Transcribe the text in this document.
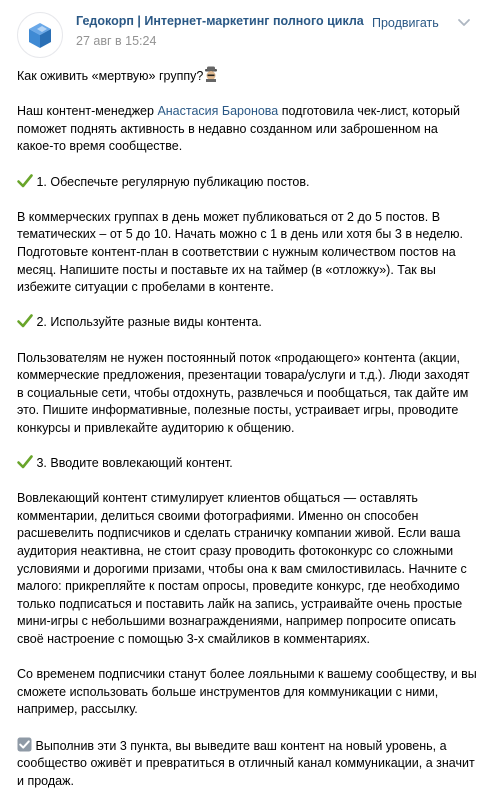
Гедокорп | Интернет-маркетинг полного цикла
27 авг в 15:24
Продвигать

Как оживить «мертвую» группу?

Наш контент-менеджер Анастасия Баронова подготовила чек-лист, который поможет поднять активность в недавно созданном или заброшенном на какое-то время сообществе.

1. Обеспечьте регулярную публикацию постов.

В коммерческих группах в день может публиковаться от 2 до 5 постов. В тематических – от 5 до 10. Начать можно с 1 в день или хотя бы 3 в неделю. Подготовьте контент-план в соответствии с нужным количеством постов на месяц. Напишите посты и поставьте их на таймер (в «отложку»). Так вы избежите ситуации с пробелами в контенте.

2. Используйте разные виды контента.

Пользователям не нужен постоянный поток «продающего» контента (акции, коммерческие предложения, презентации товара/услуги и т.д.). Люди заходят в социальные сети, чтобы отдохнуть, развлечься и пообщаться, так дайте им это. Пишите информативные, полезные посты, устраивает игры, проводите конкурсы и привлекайте аудиторию к общению.

3. Вводите вовлекающий контент.

Вовлекающий контент стимулирует клиентов общаться — оставлять комментарии, делиться своими фотографиями. Именно он способен расшевелить подписчиков и сделать страничку компании живой. Если ваша аудитория неактивна, не стоит сразу проводить фотоконкурс со сложными условиями и дорогими призами, чтобы она к вам смилостивилась. Начните с малого: прикрепляйте к постам опросы, проведите конкурс, где необходимо только подписаться и поставить лайк на запись, устраивайте очень простые мини-игры с небольшими вознаграждениями, например попросите описать своё настроение с помощью 3-х смайликов в комментариях.

Со временем подписчики станут более лояльными к вашему сообществу, и вы сможете использовать больше инструментов для коммуникации с ними, например, рассылку.

Выполнив эти 3 пункта, вы выведите ваш контент на новый уровень, а сообщество оживёт и превратиться в отличный канал коммуникации, а значит и продаж.
